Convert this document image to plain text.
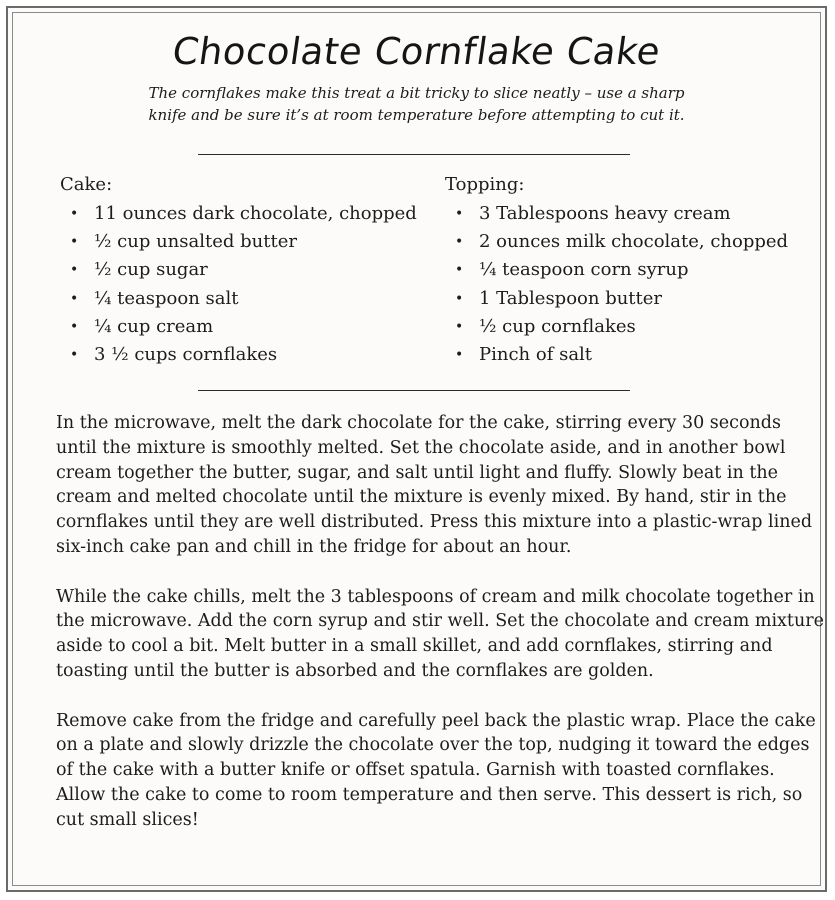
Chocolate Cornflake Cake

The cornflakes make this treat a bit tricky to slice neatly – use a sharp knife and be sure it’s at room temperature before attempting to cut it.

Cake:
• 11 ounces dark chocolate, chopped
• ½ cup unsalted butter
• ½ cup sugar
• ¼ teaspoon salt
• ¼ cup cream
• 3 ½ cups cornflakes
Topping:
• 3 Tablespoons heavy cream
• 2 ounces milk chocolate, chopped
• ¼ teaspoon corn syrup
• 1 Tablespoon butter
• ½ cup cornflakes
• Pinch of salt

In the microwave, melt the dark chocolate for the cake, stirring every 30 seconds until the mixture is smoothly melted. Set the chocolate aside, and in another bowl cream together the butter, sugar, and salt until light and fluffy. Slowly beat in the cream and melted chocolate until the mixture is evenly mixed. By hand, stir in the cornflakes until they are well distributed. Press this mixture into a plastic-wrap lined six-inch cake pan and chill in the fridge for about an hour.

While the cake chills, melt the 3 tablespoons of cream and milk chocolate together in the microwave. Add the corn syrup and stir well. Set the chocolate and cream mixture aside to cool a bit. Melt butter in a small skillet, and add cornflakes, stirring and toasting until the butter is absorbed and the cornflakes are golden.

Remove cake from the fridge and carefully peel back the plastic wrap. Place the cake on a plate and slowly drizzle the chocolate over the top, nudging it toward the edges of the cake with a butter knife or offset spatula. Garnish with toasted cornflakes. Allow the cake to come to room temperature and then serve. This dessert is rich, so cut small slices!
